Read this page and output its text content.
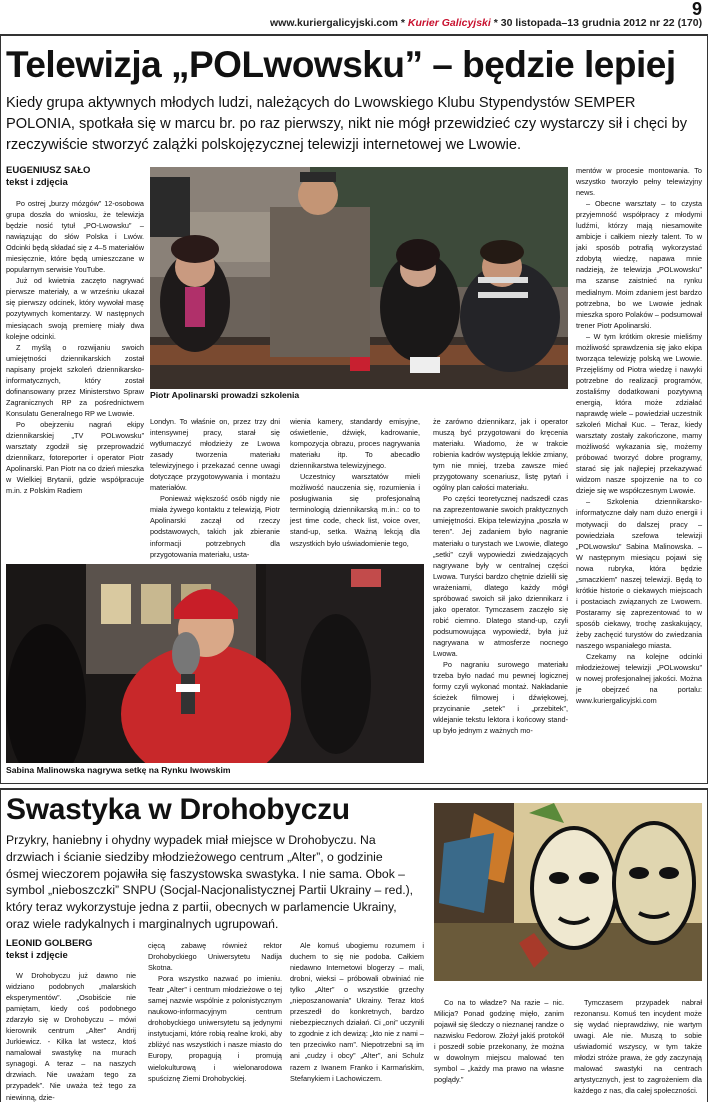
www.kuriergalicyjski.com * Kurier Galicyjski * 30 listopada–13 grudnia 2012 nr 22 (170)
9
Telewizja „POLwowsku” – będzie lepiej

Kiedy grupa aktywnych młodych ludzi, należących do Lwowskiego Klubu Stypendystów SEMPER POLONIA, spotkała się w marcu br. po raz pierwszy, nikt nie mógł przewidzieć czy wystarczy sił i chęci by rzeczywiście stworzyć zalążki polskojęzycznej telewizji internetowej we Lwowie.

EUGENIUSZ SAŁO
tekst i zdjęcia
Piotr Apolinarski prowadzi szkolenia

Po ostrej „burzy mózgów” 12-osobowa grupa doszła do wniosku, że telewizja będzie nosić tytuł „PO-Lwowsku” – nawiązując do słów Polska i Lwów. Odcinki będą składać się z 4–5 materiałów miesięcznie, które będą umieszczane w popularnym serwisie YouTube.

Już od kwietnia zaczęto nagrywać pierwsze materiały, a w wrześniu ukazał się pierwszy odcinek, który wywołał masę pozytywnych komentarzy. W następnych miesiącach swoją premierę miały dwa kolejne odcinki.

Z myślą o rozwijaniu swoich umiejętności dziennikarskich został napisany projekt szkoleń dziennikarsko-informatycznych, który został dofinansowany przez Ministerstwo Spraw Zagranicznych RP za pośrednictwem Konsulatu Generalnego RP we Lwowie.

Po obejrzeniu nagrań ekipy dziennikarskiej „TV POLwowsku” warsztaty zgodził się przeprowadzić dziennikarz, fotoreporter i operator Piotr Apolinarski. Pan Piotr na co dzień mieszka w Wielkiej Brytanii, gdzie współpracuje m.in. z Polskim Radiem

Londyn. To właśnie on, przez trzy dni intensywnej pracy, starał się wytłumaczyć młodzieży ze Lwowa zasady tworzenia materiału telewizyjnego i przekazać cenne uwagi dotyczące przygotowywania i montażu materiałów.

Ponieważ większość osób nigdy nie miała żywego kontaktu z telewizją, Piotr Apolinarski zaczął od rzeczy podstawowych, takich jak zbieranie informacji potrzebnych dla przygotowania materiału, usta-

wienia kamery, standardy emisyjne, oświetlenie, dźwięk, kadrowanie, kompozycja obrazu, proces nagrywania materiału itp. To abecadło dziennikarstwa telewizyjnego.

Uczestnicy warsztatów mieli możliwość nauczenia się, rozumienia i posługiwania się profesjonalną terminologią dziennikarską m.in.: co to jest time code, check list, voice over, stand-up, setka. Ważną lekcją dla wszystkich było uświadomienie tego,

że zarówno dziennikarz, jak i operator muszą być przygotowani do kręcenia materiału. Wiadomo, że w trakcie robienia kadrów występują lekkie zmiany, tym nie mniej, trzeba zawsze mieć przygotowany scenariusz, listę pytań i ogólny plan całości materiału.

Po części teoretycznej nadszedł czas na zaprezentowanie swoich praktycznych umiejętności. Ekipa telewizyjna „poszła w teren”. Jej zadaniem było nagranie materiału o turystach we Lwowie, dlatego „setki” czyli wypowiedzi zwiedzających nagrywane były w centralnej części Lwowa. Turyści bardzo chętnie dzielili się wrażeniami, dlatego każdy mógł spróbować swoich sił jako dziennikarz i jako operator. Tymczasem zaczęło się robić ciemno. Dlatego stand-up, czyli podsumowująca wypowiedź, była już nagrywana w atmosferze nocnego Lwowa.

Po nagraniu surowego materiału trzeba było nadać mu pewnej logicznej formy czyli wykonać montaż. Nakładanie ścieżek filmowej i dźwiękowej, przycinanie „setek” i „przebitek”, wklejanie tekstu lektora i końcowy stand-up było jednym z ważnych mo-

mentów w procesie montowania. To wszystko tworzyło pełny telewizyjny news.

– Obecne warsztaty – to czysta przyjemność współpracy z młodymi ludźmi, którzy mają niesamowite ambicje i całkiem niezły talent. To w jaki sposób potrafią wykorzystać zdobytą wiedzę, napawa mnie nadzieją, że telewizja „POLwowsku” ma szanse zaistnieć na rynku medialnym. Moim zdaniem jest bardzo potrzebna, bo we Lwowie jednak mieszka sporo Polaków – podsumował trener Piotr Apolinarski.

– W tym krótkim okresie mieliśmy możliwość sprawdzenia się jako ekipa tworząca telewizję polską we Lwowie. Przejęliśmy od Piotra wiedzę i nawyki potrzebne do realizacji programów, zostaliśmy dodatkowani pozytywną energią, która może zdziałać naprawdę wiele – powiedział uczestnik szkoleń Michał Kuc. – Teraz, kiedy warsztaty zostały zakończone, mamy możliwość wykazania się, możemy próbować tworzyć dobre programy, starać się jak najlepiej przekazywać widzom nasze spojrzenie na to co dzieje się we współczesnym Lwowie.

– Szkolenia dziennikarsko-informatyczne dały nam dużo energii i motywacji do dalszej pracy – powiedziała szefowa telewizji „POLwowsku” Sabina Malinowska. – W następnym miesiącu pojawi się nowa rubryka, która będzie „smaczkiem” naszej telewizji. Będą to krótkie historie o ciekawych miejscach i postaciach związanych ze Lwowem. Postaramy się zaprezentować to w sposób ciekawy, trochę zaskakujący, żeby zachęcić turystów do zwiedzania naszego wspaniałego miasta.

Czekamy na kolejne odcinki młodzieżowej telewizji „POLwowsku” w nowej profesjonalnej jakości. Można je obejrzeć na portalu: www.kuriergalicyjski.com

Sabina Malinowska nagrywa setkę na Rynku lwowskim
Swastyka w Drohobyczu

Przykry, haniebny i ohydny wypadek miał miejsce w Drohobyczu. Na drzwiach i ścianie siedziby młodzieżowego centrum „Alter”, o godzinie ósmej wieczorem pojawiła się faszystowska swastyka. I nie sama. Obok – symbol „nieboszczki” SNPU (Socjal-Nacjonalistycznej Partii Ukrainy – red.), który teraz wykorzystuje jedna z partii, obecnych w parlamencie Ukrainy, oraz wiele radykalnych i marginalnych ugrupowań.

LEONID GOLBERG
tekst i zdjęcie

W Drohobyczu już dawno nie widziano podobnych „malarskich eksperymentów”. „Osobiście nie pamiętam, kiedy coś podobnego zdarzyło się w Drohobyczu – mówi kierownik centrum „Alter” Andrij Jurkiewicz. - Kilka lat wstecz, ktoś namalował swastykę na murach synagogi. A teraz – na naszych drzwiach. Nie uważam tego za przypadek”. Nie uważa też tego za niewinną, dzie-

cięcą zabawę również rektor Drohobyckiego Uniwersytetu Nadija Skotna.

Pora wszystko nazwać po imieniu. Teatr „Alter” i centrum młodzieżowe o tej samej nazwie wspólnie z polonistycznym naukowo-informacyjnym centrum drohobyckiego uniwersytetu są jedynymi instytucjami, które robią realne kroki, aby zbliżyć nas wszystkich i nasze miasto do Europy, propagują i promują wielokulturową i wielonarodowa spuściznę Ziemi Drohobyckiej.

Ale komuś ubogiemu rozumem i duchem to się nie podoba. Całkiem niedawno Internetowi blogerzy – mali, drobni, wieksi – próbowali obwiniać nie tylko „Alter” o wszystkie grzechy „nieposzanowania” Ukrainy. Teraz ktoś przeszedł do konkretnych, bardzo niebezpiecznych działań. Ci „oni” uczynili to zgodnie z ich dewizą: „kto nie z nami – ten przeciwko nam”. Niepotrzebni są im ani „cudzy i obcy” „Alter”, ani Schulz razem z Iwanem Franko i Karmańskim, Stefanykiem i Lachowiczem.

Co na to władze? Na razie – nic. Milicja? Ponad godzinę mięło, zanim pojawił się śledczy o nieznanej randze o nazwisku Fedorow. Złożył jakiś protokół i poszedł sobie przekonany, że można w dowolnym miejscu malować ten symbol – „każdy ma prawo na własne poglądy.”

Tymczasem przypadek nabrał rezonansu. Komuś ten incydent może się wydać nieprawdziwy, nie wartym uwagi. Ale nie. Muszą to sobie uświadomić wszyscy, w tym także młodzi stróże prawa, że gdy zaczynają malować swastyki na centrach artystycznych, jest to zagrożeniem dla każdego z nas, dla całej społeczności.
